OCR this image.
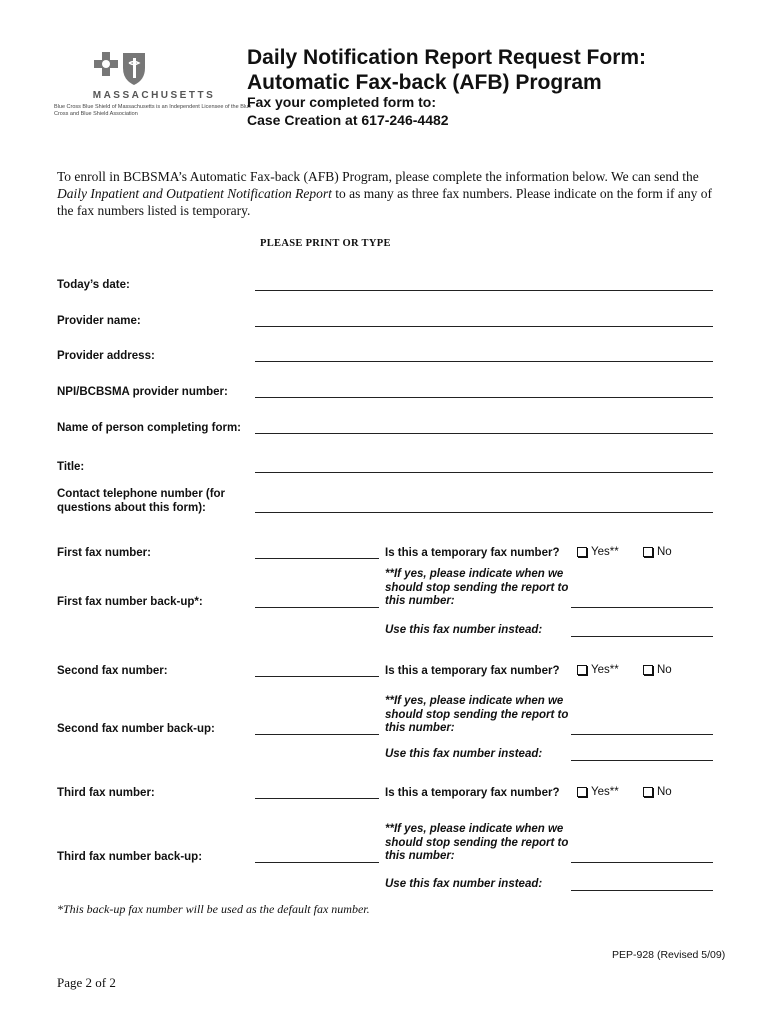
MASSACHUSETTS
Blue Cross Blue Shield of Massachusetts is an Independent Licensee of the Blue Cross and Blue Shield Association
Daily Notification Report Request Form:
Automatic Fax-back (AFB) Program
Fax your completed form to:
Case Creation at 617-246-4482
To enroll in BCBSMA’s Automatic Fax-back (AFB) Program, please complete the information below. We can send the Daily Inpatient and Outpatient Notification Report to as many as three fax numbers. Please indicate on the form if any of the fax numbers listed is temporary.
PLEASE PRINT OR TYPE
Today’s date:
Provider name:
Provider address:
NPI/BCBSMA provider number:
Name of person completing form:
Title:
Contact telephone number (for questions about this form):
First fax number:	Is this a temporary fax number?	Yes**	No
**If yes, please indicate when we should stop sending the report to this number:
First fax number back-up*:
Use this fax number instead:
Second fax number:	Is this a temporary fax number?	Yes**	No
**If yes, please indicate when we should stop sending the report to this number:
Second fax number back-up:
Use this fax number instead:
Third fax number:	Is this a temporary fax number?	Yes**	No
**If yes, please indicate when we should stop sending the report to this number:
Third fax number back-up:
Use this fax number instead:
*This back-up fax number will be used as the default fax number.
PEP-928 (Revised 5/09)
Page 2 of 2
